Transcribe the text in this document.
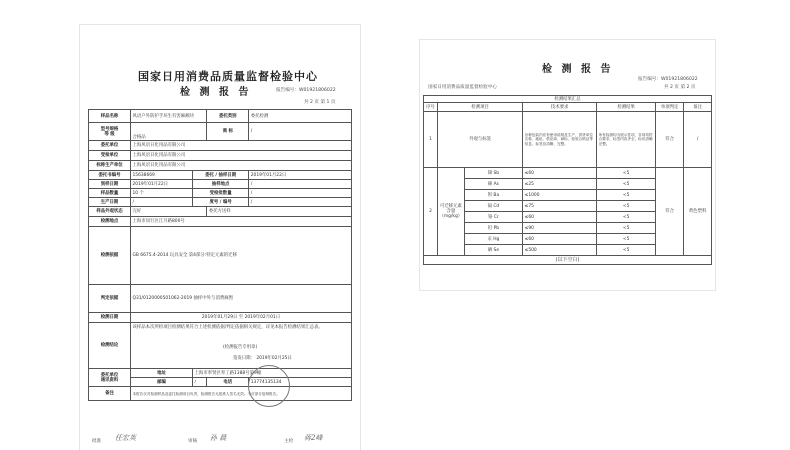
国家日用消费品质量监督检验中心
检 测 报 告	报告编号：W01921806022
共 2 页 第 1 页
样品名称	风语户外防护手环生有害麻额块		委托类别	委托检测
型号规格
等 级	合格品		商 标	/
委托单位	上海风语日化用品有限公司			
受检单位	上海风语日化用品有限公司			
标称生产单位	上海风语日化用品有限公司			
委托书编号	15638669	委托 / 抽样日期		2019年01月22日
到样日期	2019年01月22日	抽样地点		/
样品数量	10 个	受检批数量		/
生产日期	/	度号 / 编号		/
样品外观状态	完好		委托方送样	
检测地点	上海市闵行区江月路800号			
检测依据	GB 6675.4-2014 玩具安全 第4部分:特定元素的迁移			
判定依据	Q31/0120000501062-2019 抽样中外与消费麻煦			
检测日期	2019年01月29日 至 2019年02月01日			
检测结论	该样品本次所检项目检测结果符合上述检测依据/判定依据相关规定，详见本报告检测结果汇总表。
(检测报告专用章)
签发日期： 2019年02月25日			

委托单位
通讯资料	地址	上海市奉贤区奉工路1388号第9幢		
	邮编	/	电话	13774135134
备注	本报告仅对检测样品及委托检测项目负责，检测报告无批准人签名无效。不可部分复制报告。			
批准 任宏英	审核 孙 晨	主检 蒋2峰
检 测 报 告
报告编号：W01921806022
国家日用消费品质量监督检验中心	共 2 页 第 2 页
检测结果汇总						
序号	检测项目		技术要求	检测结果	单项判定	备注
1	外观与标签		各种包装内应有使用说明及生产、供货单位名称、地址、供应商、商标、检验合格证等信息，标签应清晰、完整。	所有检测均为展示性项，各项均符合要求，标签内容齐全，标识清晰完整。	符合	/
2	可迁移元素含量（mg/kg）	锑 Sb	≤60	<5	符合	黄色塑料
		砷 As	≤25	<5		
		钡 Ba	≤1000	<5		
		镉 Cd	≤75	<5		
		铬 Cr	≤60	<5		
		铅 Pb	≤90	<5		
		汞 Hg	≤60	<5		
		硒 Se	≤500	<5		
(以下空白)						
